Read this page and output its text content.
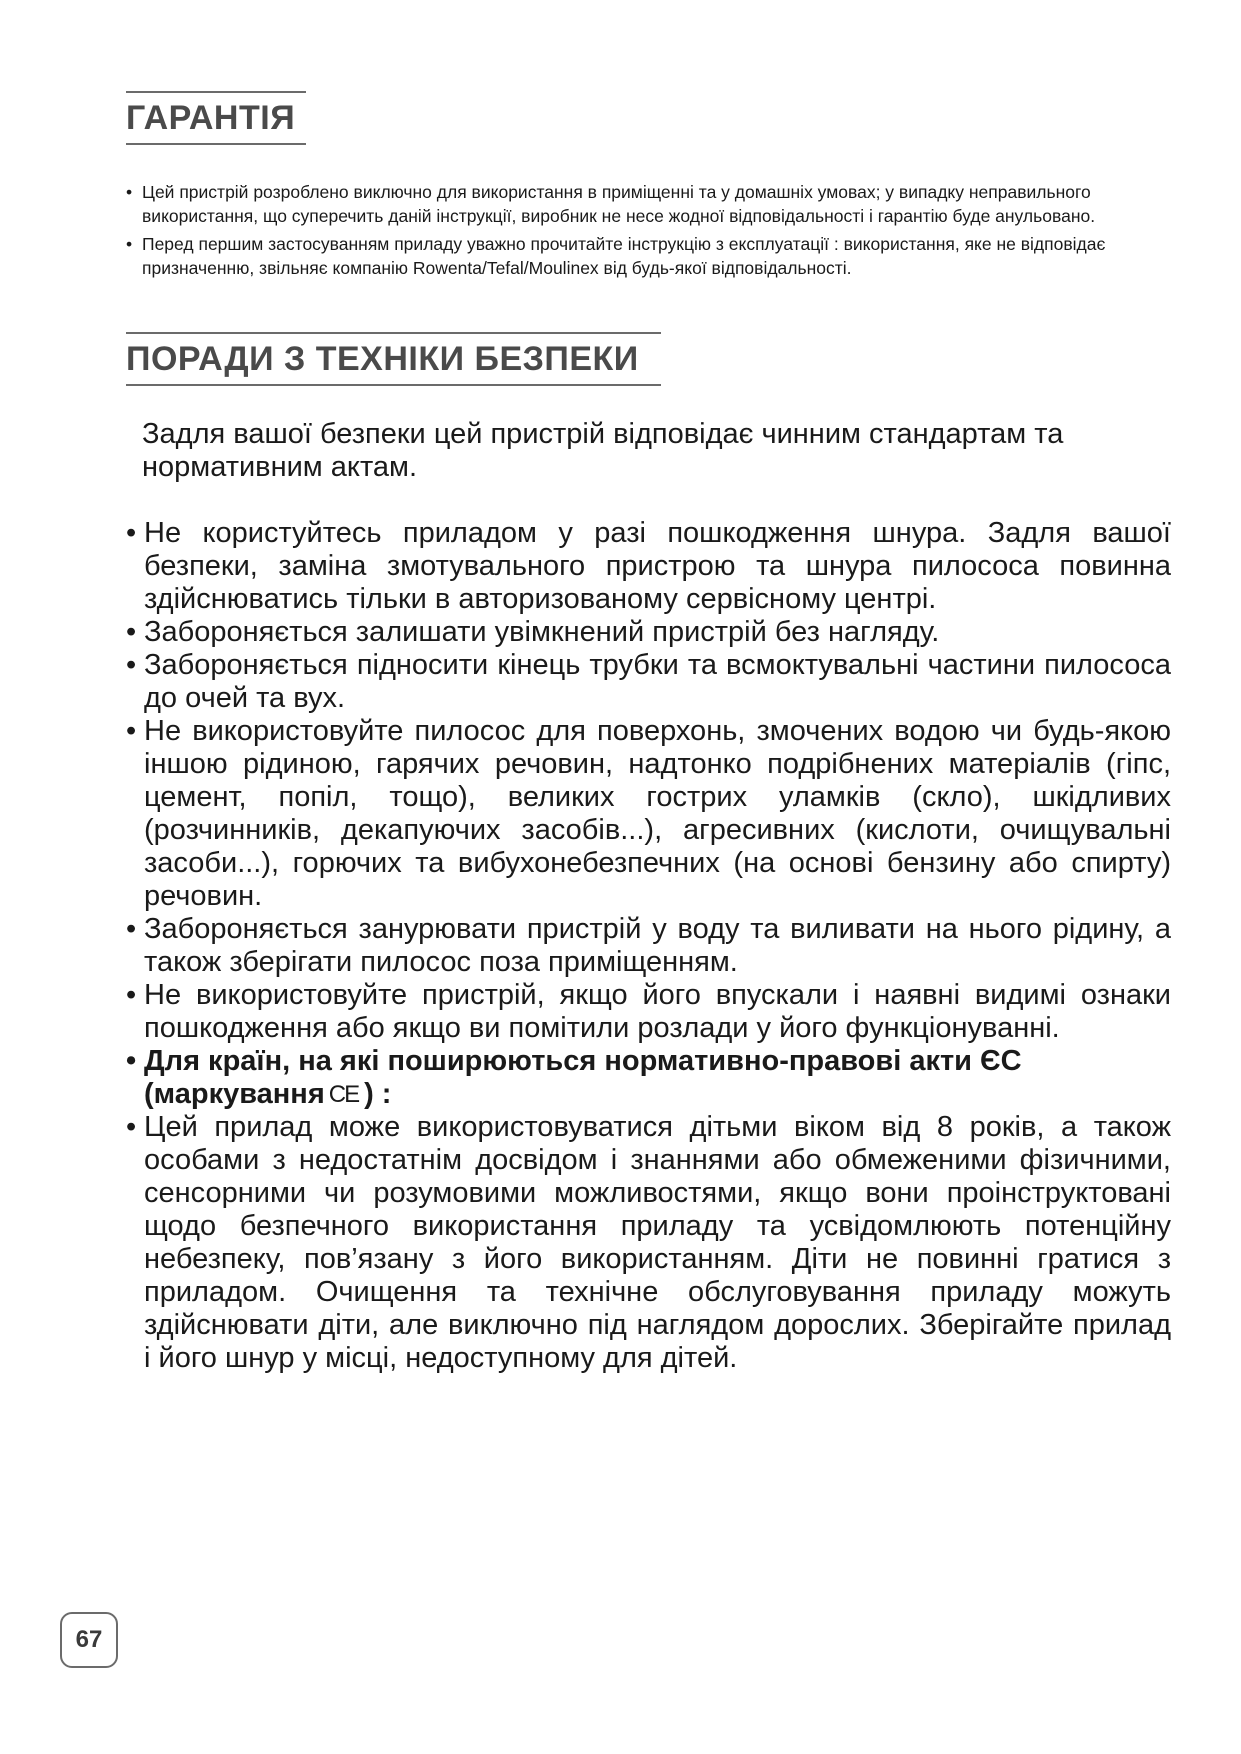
ГАРАНТІЯ
• Цей пристрій розроблено виключно для використання в приміщенні та у домашніх умовах; у випадку неправильного використання, що суперечить даній інструкції, виробник не несе жодної відповідальності і гарантію буде анульовано.
• Перед першим застосуванням приладу уважно прочитайте інструкцію з експлуатації : використання, яке не відповідає призначенню, звільняє компанію Rowenta/Tefal/Moulinex від будь-якої відповідальності.
ПОРАДИ З ТЕХНІКИ БЕЗПЕКИ
Задля вашої безпеки цей пристрій відповідає чинним стандартам та нормативним актам.
• Не користуйтесь приладом у разі пошкодження шнура. Задля вашої безпеки, заміна змотувального пристрою та шнура пилососа повинна здійснюватись тільки в авторизованому сервісному центрі.
• Забороняється залишати увімкнений пристрій без нагляду.
• Забороняється підносити кінець трубки та всмоктувальні частини пилососа до очей та вух.
• Не використовуйте пилосос для поверхонь, змочених водою чи будь-якою іншою рідиною, гарячих речовин, надтонко подрібнених матеріалів (гіпс, цемент, попіл, тощо), великих гострих уламків (скло), шкідливих (розчинників, декапуючих засобів...), агресивних (кислоти, очищувальні засоби...), горючих та вибухонебезпечних (на основі бензину або спирту) речовин.
• Забороняється занурювати пристрій у воду та виливати на нього рідину, а також зберігати пилосос поза приміщенням.
• Не використовуйте пристрій, якщо його впускали і наявні видимі ознаки пошкодження або якщо ви помітили розлади у його функціонуванні.
• Для країн, на які поширюються нормативно-правові акти ЄС (маркування CE ) :
• Цей прилад може використовуватися дітьми віком від 8 років, а також особами з недостатнім досвідом і знаннями або обмеженими фізичними, сенсорними чи розумовими можливостями, якщо вони проінструктовані щодо безпечного використання приладу та усвідомлюють потенційну небезпеку, пов’язану з його використанням. Діти не повинні гратися з приладом. Очищення та технічне обслуговування приладу можуть здійснювати діти, але виключно під наглядом дорослих. Зберігайте прилад і його шнур у місці, недоступному для дітей.
67
